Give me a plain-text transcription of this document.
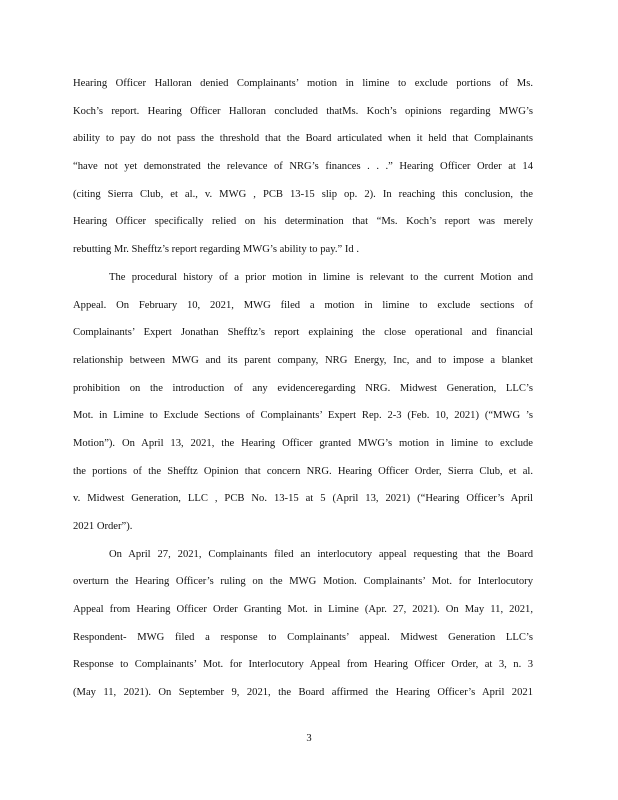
Hearing Officer Halloran denied Complainants’ motion in limine to exclude portions of Ms.
Koch’s report. Hearing Officer Halloran concluded thatMs. Koch’s opinions regarding MWG’s
ability to pay do not pass the threshold that the Board articulated when it held that Complainants
“have not yet demonstrated the relevance of NRG’s finances . . .” Hearing Officer Order at 14
(citing Sierra Club, et al., v. MWG , PCB 13-15 slip op. 2). In reaching this conclusion, the
Hearing Officer specifically relied on his determination that “Ms. Koch’s report was merely
rebutting Mr. Shefftz’s report regarding MWG’s ability to pay.” Id .
The procedural history of a prior motion in limine is relevant to the current Motion and
Appeal. On February 10, 2021, MWG filed a motion in limine to exclude sections of
Complainants’ Expert Jonathan Shefftz’s report explaining the close operational and financial
relationship between MWG and its parent company, NRG Energy, Inc, and to impose a blanket
prohibition on the introduction of any evidenceregarding NRG. Midwest Generation, LLC’s
Mot. in Limine to Exclude Sections of Complainants’ Expert Rep. 2-3 (Feb. 10, 2021) (“MWG ’s
Motion”). On April 13, 2021, the Hearing Officer granted MWG’s motion in limine to exclude
the portions of the Shefftz Opinion that concern NRG. Hearing Officer Order, Sierra Club, et al.
v. Midwest Generation, LLC , PCB No. 13-15 at 5 (April 13, 2021) (“Hearing Officer’s April
2021 Order”).
On April 27, 2021, Complainants filed an interlocutory appeal requesting that the Board
overturn the Hearing Officer’s ruling on the MWG Motion. Complainants’ Mot. for Interlocutory
Appeal from Hearing Officer Order Granting Mot. in Limine (Apr. 27, 2021). On May 11, 2021,
Respondent- MWG filed a response to Complainants’ appeal. Midwest Generation LLC’s
Response to Complainants’ Mot. for Interlocutory Appeal from Hearing Officer Order, at 3, n. 3
(May 11, 2021). On September 9, 2021, the Board affirmed the Hearing Officer’s April 2021
3
